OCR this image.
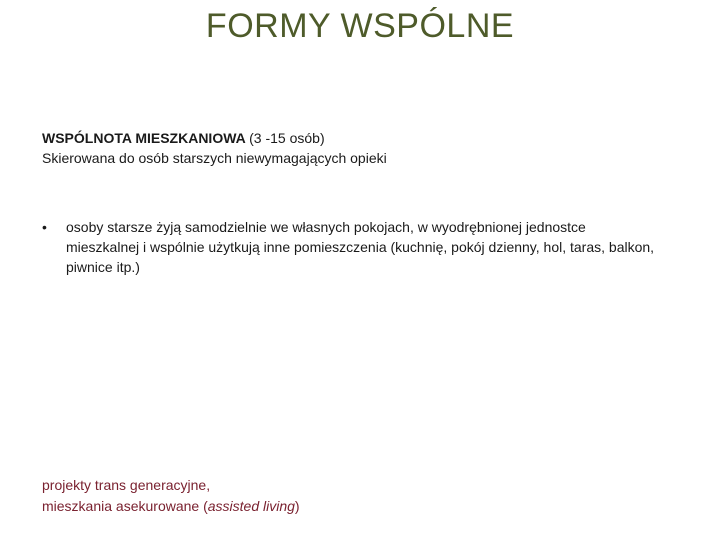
FORMY WSPÓLNE
WSPÓLNOTA MIESZKANIOWA (3 -15 osób)
Skierowana do osób starszych niewymagających opieki
• osoby starsze żyją samodzielnie we własnych pokojach, w wyodrębnionej jednostce mieszkalnej i wspólnie użytkują inne pomieszczenia (kuchnię, pokój dzienny, hol, taras, balkon, piwnice itp.)
projekty trans generacyjne,
mieszkania asekurowane (assisted living)
